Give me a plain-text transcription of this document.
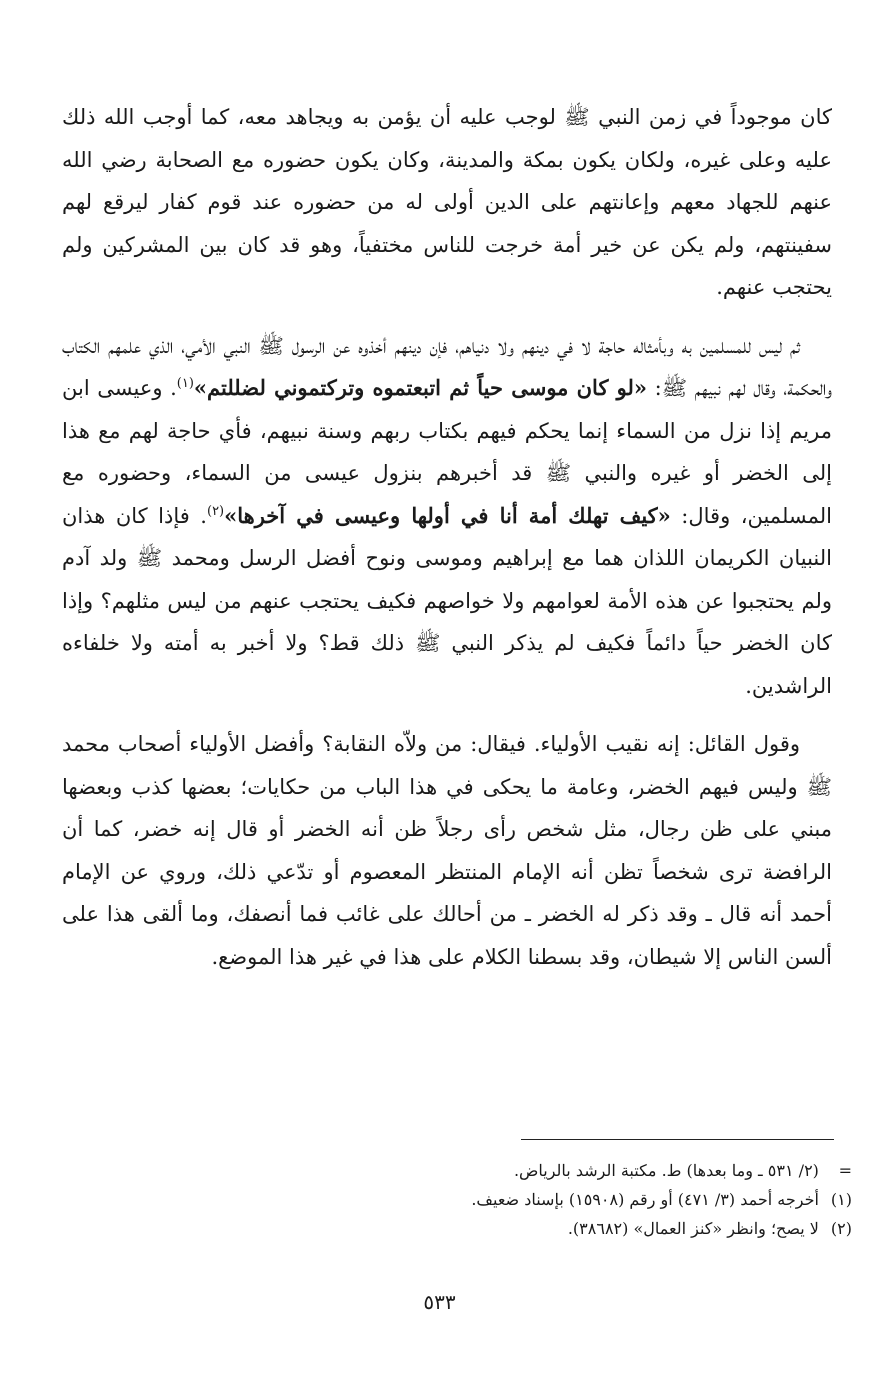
كان موجوداً في زمن النبي ﷺ لوجب عليه أن يؤمن به ويجاهد معه، كما أوجب الله ذلك عليه وعلى غيره، ولكان يكون بمكة والمدينة، وكان يكون حضوره مع الصحابة رضي الله عنهم للجهاد معهم وإعانتهم على الدين أولى له من حضوره عند قوم كفار ليرقع لهم سفينتهم، ولم يكن عن خير أمة خرجت للناس مختفياً، وهو قد كان بين المشركين ولم يحتجب عنهم.

ثم ليس للمسلمين به وبأمثاله حاجة لا في دينهم ولا دنياهم، فإن دينهم أخذوه عن الرسول ﷺ النبي الأمي، الذي علمهم الكتاب والحكمة، وقال لهم نبيهم ﷺ: «لو كان موسى حياً ثم اتبعتموه وتركتموني لضللتم»$^{(١)}$. وعيسى ابن مريم إذا نزل من السماء إنما يحكم فيهم بكتاب ربهم وسنة نبيهم، فأي حاجة لهم مع هذا إلى الخضر أو غيره والنبي ﷺ قد أخبرهم بنزول عيسى من السماء، وحضوره مع المسلمين، وقال: «كيف تهلك أمة أنا في أولها وعيسى في آخرها»$^{(٢)}$. فإذا كان هذان النبيان الكريمان اللذان هما مع إبراهيم وموسى ونوح أفضل الرسل ومحمد ﷺ ولد آدم ولم يحتجبوا عن هذه الأمة لعوامهم ولا خواصهم فكيف يحتجب عنهم من ليس مثلهم؟ وإذا كان الخضر حياً دائماً فكيف لم يذكر النبي ﷺ ذلك قط؟ ولا أخبر به أمته ولا خلفاءه الراشدين.

وقول القائل: إنه نقيب الأولياء. فيقال: من ولاّه النقابة؟ وأفضل الأولياء أصحاب محمد ﷺ وليس فيهم الخضر، وعامة ما يحكى في هذا الباب من حكايات؛ بعضها كذب وبعضها مبني على ظن رجال، مثل شخص رأى رجلاً ظن أنه الخضر أو قال إنه خضر، كما أن الرافضة ترى شخصاً تظن أنه الإمام المنتظر المعصوم أو تدّعي ذلك، وروي عن الإمام أحمد أنه قال ـ وقد ذكر له الخضر ـ من أحالك على غائب فما أنصفك، وما ألقى هذا على ألسن الناس إلا شيطان، وقد بسطنا الكلام على هذا في غير هذا الموضع.

= (٢/ ٥٣١ ـ وما بعدها) ط. مكتبة الرشد بالرياض.
(١) أخرجه أحمد (٣/ ٤٧١) أو رقم (١٥٩٠٨) بإسناد ضعيف.
(٢) لا يصح؛ وانظر «كنز العمال» (٣٨٦٨٢).
٥٣٣
